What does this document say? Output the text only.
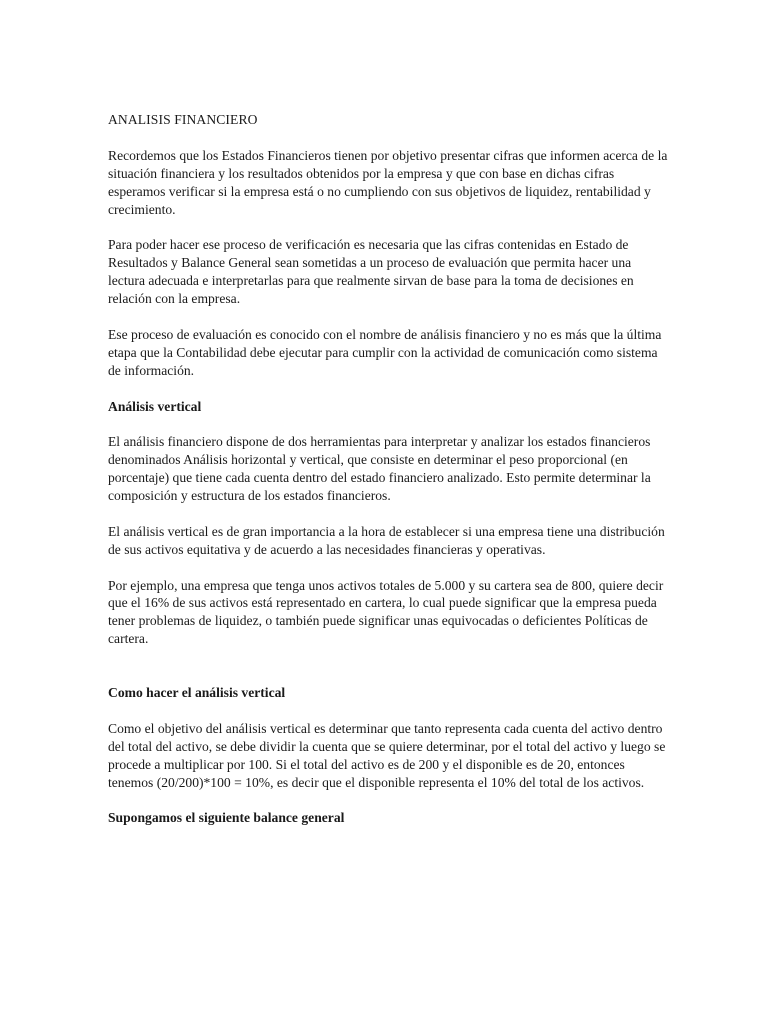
ANALISIS FINANCIERO

Recordemos que los Estados Financieros tienen por objetivo presentar cifras que informen acerca de la situación financiera y los resultados obtenidos por la empresa y que con base en dichas cifras esperamos verificar si la empresa está o no cumpliendo con sus objetivos de liquidez, rentabilidad y crecimiento.

Para poder hacer ese proceso de verificación es necesaria que las cifras contenidas en Estado de Resultados y Balance General sean sometidas a un proceso de evaluación que permita hacer una lectura adecuada e interpretarlas para que realmente sirvan de base para la toma de decisiones en relación con la empresa.

Ese proceso de evaluación es conocido con el nombre de análisis financiero y no es más que la última etapa que la Contabilidad debe ejecutar para cumplir con la actividad de comunicación como sistema de información.

Análisis vertical

El análisis financiero dispone de dos herramientas para interpretar y analizar los estados financieros denominados Análisis horizontal y vertical, que consiste en determinar el peso proporcional (en porcentaje) que tiene cada cuenta dentro del estado financiero analizado. Esto permite determinar la composición y estructura de los estados financieros.

El análisis vertical es de gran importancia a la hora de establecer si una empresa tiene una distribución de sus activos equitativa y de acuerdo a las necesidades financieras y operativas.

Por ejemplo, una empresa que tenga unos activos totales de 5.000 y su cartera sea de 800, quiere decir que el 16% de sus activos está representado en cartera, lo cual puede significar que la empresa pueda tener problemas de liquidez, o también puede significar unas equivocadas o deficientes Políticas de cartera.

Como hacer el análisis vertical

Como el objetivo del análisis vertical es determinar que tanto representa cada cuenta del activo dentro del total del activo, se debe dividir la cuenta que se quiere determinar, por el total del activo y luego se procede a multiplicar por 100. Si el total del activo es de 200 y el disponible es de 20, entonces tenemos (20/200)*100 = 10%, es decir que el disponible representa el 10% del total de los activos.

Supongamos el siguiente balance general
